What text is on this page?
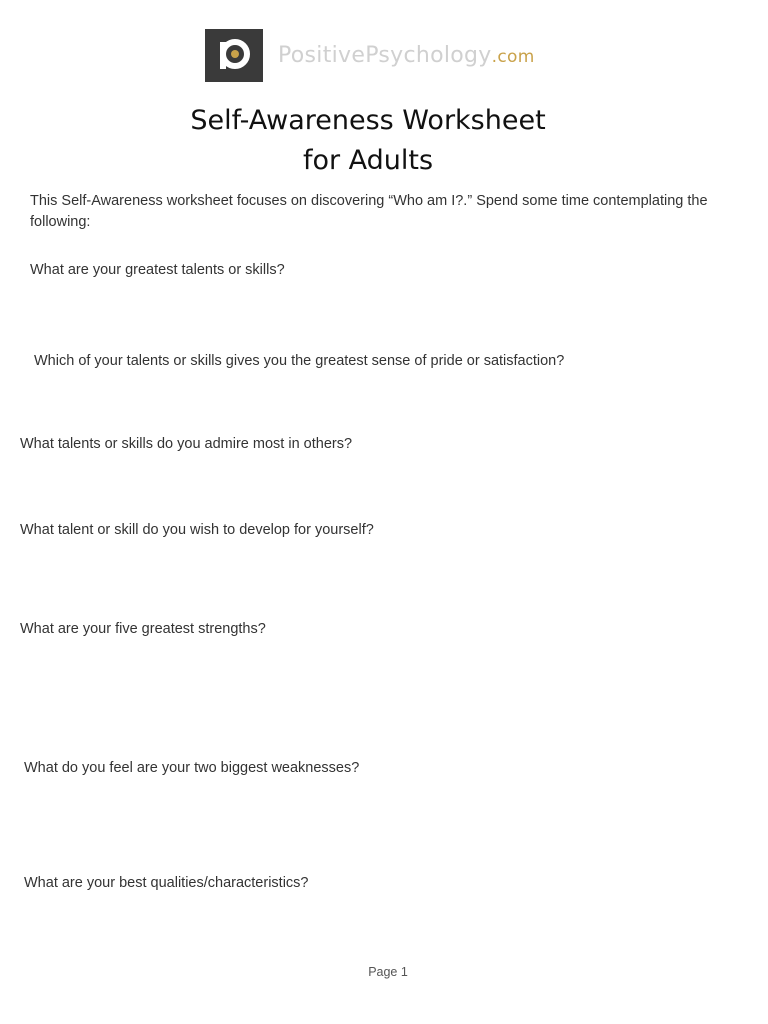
PositivePsychology.com
Self-Awareness Worksheet
for Adults
This Self-Awareness worksheet focuses on discovering “Who am I?.” Spend some time contemplating the following:
What are your greatest talents or skills?
Which of your talents or skills gives you the greatest sense of pride or satisfaction?
What talents or skills do you admire most in others?
What talent or skill do you wish to develop for yourself?
What are your five greatest strengths?
What do you feel are your two biggest weaknesses?
What are your best qualities/characteristics?
Page 1
